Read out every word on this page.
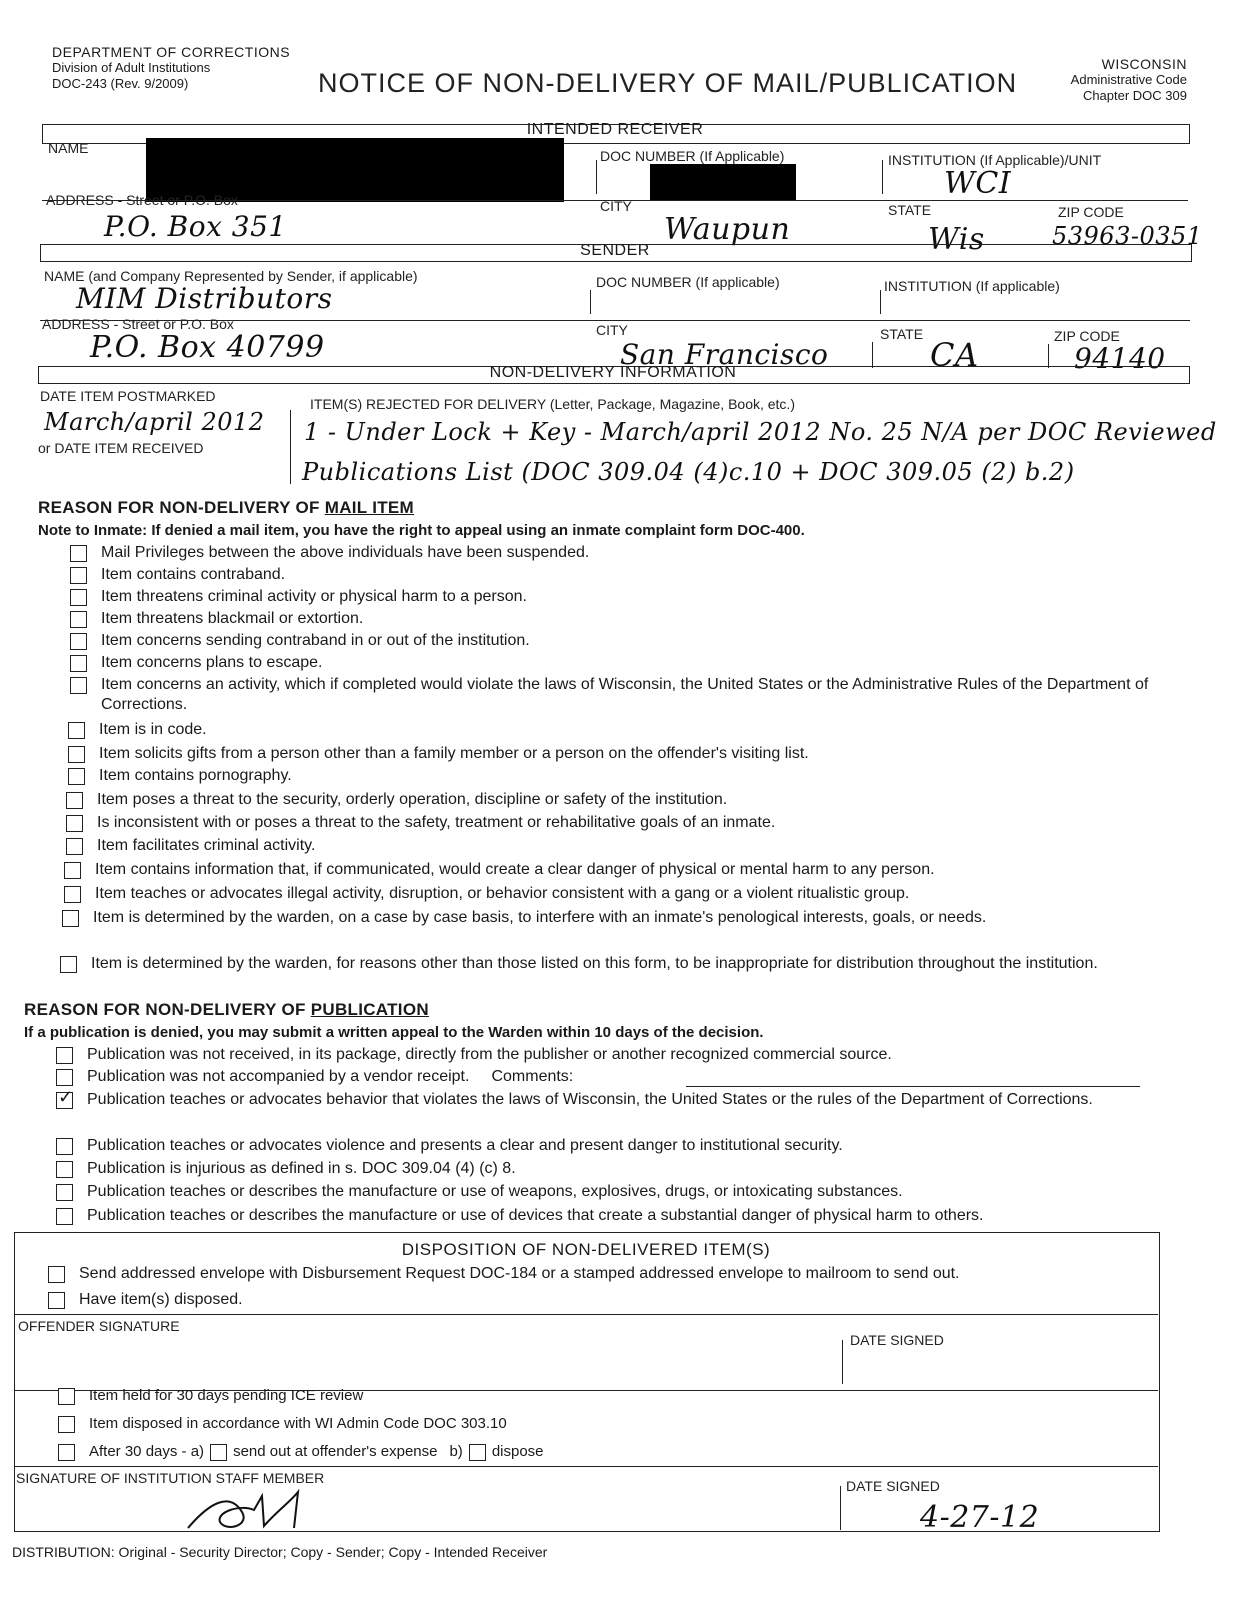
DEPARTMENT OF CORRECTIONS
Division of Adult Institutions
DOC-243 (Rev. 9/2009)	NOTICE OF NON-DELIVERY OF MAIL/PUBLICATION
WISCONSIN
Administrative Code
Chapter DOC 309
INTENDED RECEIVER
NAME	DOC NUMBER (If Applicable)	INSTITUTION (If Applicable)/UNIT
WCI
ADDRESS - Street or P.O. Box
P.O. Box 351
CITY
Waupun
STATE
Wis
ZIP CODE
53963-0351
SENDER
NAME (and Company Represented by Sender, if applicable)
MIM Distributors	DOC NUMBER (If applicable)	INSTITUTION (If applicable)
ADDRESS - Street or P.O. Box
P.O. Box 40799	CITY
San Francisco
STATE
CA	ZIP CODE
94140
NON-DELIVERY INFORMATION
DATE ITEM POSTMARKED
March/april 2012
or DATE ITEM RECEIVED
ITEM(S) REJECTED FOR DELIVERY (Letter, Package, Magazine, Book, etc.)
1 - Under Lock + Key - March/april 2012 No. 25 N/A per DOC Reviewed
Publications List (DOC 309.04 (4)c.10 + DOC 309.05 (2) b.2)
REASON FOR NON-DELIVERY OF MAIL ITEM
Note to Inmate: If denied a mail item, you have the right to appeal using an inmate complaint form DOC-400.
Mail Privileges between the above individuals have been suspended.
Item contains contraband.
Item threatens criminal activity or physical harm to a person.
Item threatens blackmail or extortion.
Item concerns sending contraband in or out of the institution.
Item concerns plans to escape.
Item concerns an activity, which if completed would violate the laws of Wisconsin, the United States or the Administrative Rules of the Department of Corrections.
Item is in code.
Item solicits gifts from a person other than a family member or a person on the offender's visiting list.
Item contains pornography.
Item poses a threat to the security, orderly operation, discipline or safety of the institution.
Is inconsistent with or poses a threat to the safety, treatment or rehabilitative goals of an inmate.
Item facilitates criminal activity.
Item contains information that, if communicated, would create a clear danger of physical or mental harm to any person.
Item teaches or advocates illegal activity, disruption, or behavior consistent with a gang or a violent ritualistic group.
Item is determined by the warden, on a case by case basis, to interfere with an inmate's penological interests, goals, or needs.
Item is determined by the warden, for reasons other than those listed on this form, to be inappropriate for distribution throughout the institution.
REASON FOR NON-DELIVERY OF PUBLICATION
If a publication is denied, you may submit a written appeal to the Warden within 10 days of the decision.
Publication was not received, in its package, directly from the publisher or another recognized commercial source.
Publication was not accompanied by a vendor receipt. Comments:
✓ Publication teaches or advocates behavior that violates the laws of Wisconsin, the United States or the rules of the Department of Corrections.
Publication teaches or advocates violence and presents a clear and present danger to institutional security.
Publication is injurious as defined in s. DOC 309.04 (4) (c) 8.
Publication teaches or describes the manufacture or use of weapons, explosives, drugs, or intoxicating substances.
Publication teaches or describes the manufacture or use of devices that create a substantial danger of physical harm to others.
DISPOSITION OF NON-DELIVERED ITEM(S)
Send addressed envelope with Disbursement Request DOC-184 or a stamped addressed envelope to mailroom to send out.
Have item(s) disposed.
OFFENDER SIGNATURE
DATE SIGNED
Item held for 30 days pending ICE review
Item disposed in accordance with WI Admin Code DOC 303.10
After 30 days - a) send out at offender's expense b) dispose
SIGNATURE OF INSTITUTION STAFF MEMBER	DATE SIGNED
4-27-12
DISTRIBUTION: Original - Security Director; Copy - Sender; Copy - Intended Receiver
